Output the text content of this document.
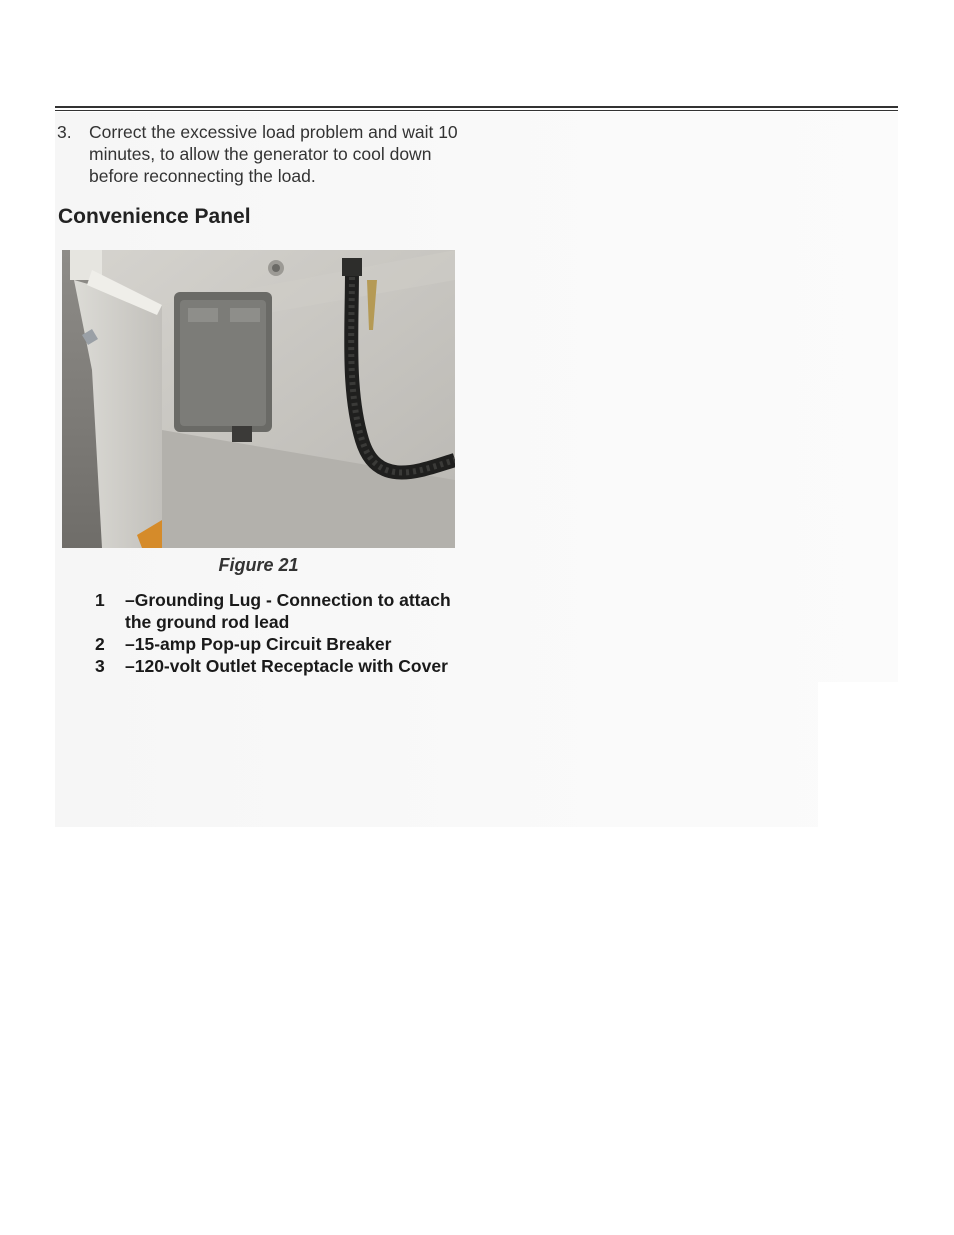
3. Correct the excessive load problem and wait 10 minutes, to allow the generator to cool down before reconnecting the load.
Convenience Panel
Figure 21
1 –Grounding Lug - Connection to attach the ground rod lead
2 –15-amp Pop-up Circuit Breaker
3 –120-volt Outlet Receptacle with Cover
